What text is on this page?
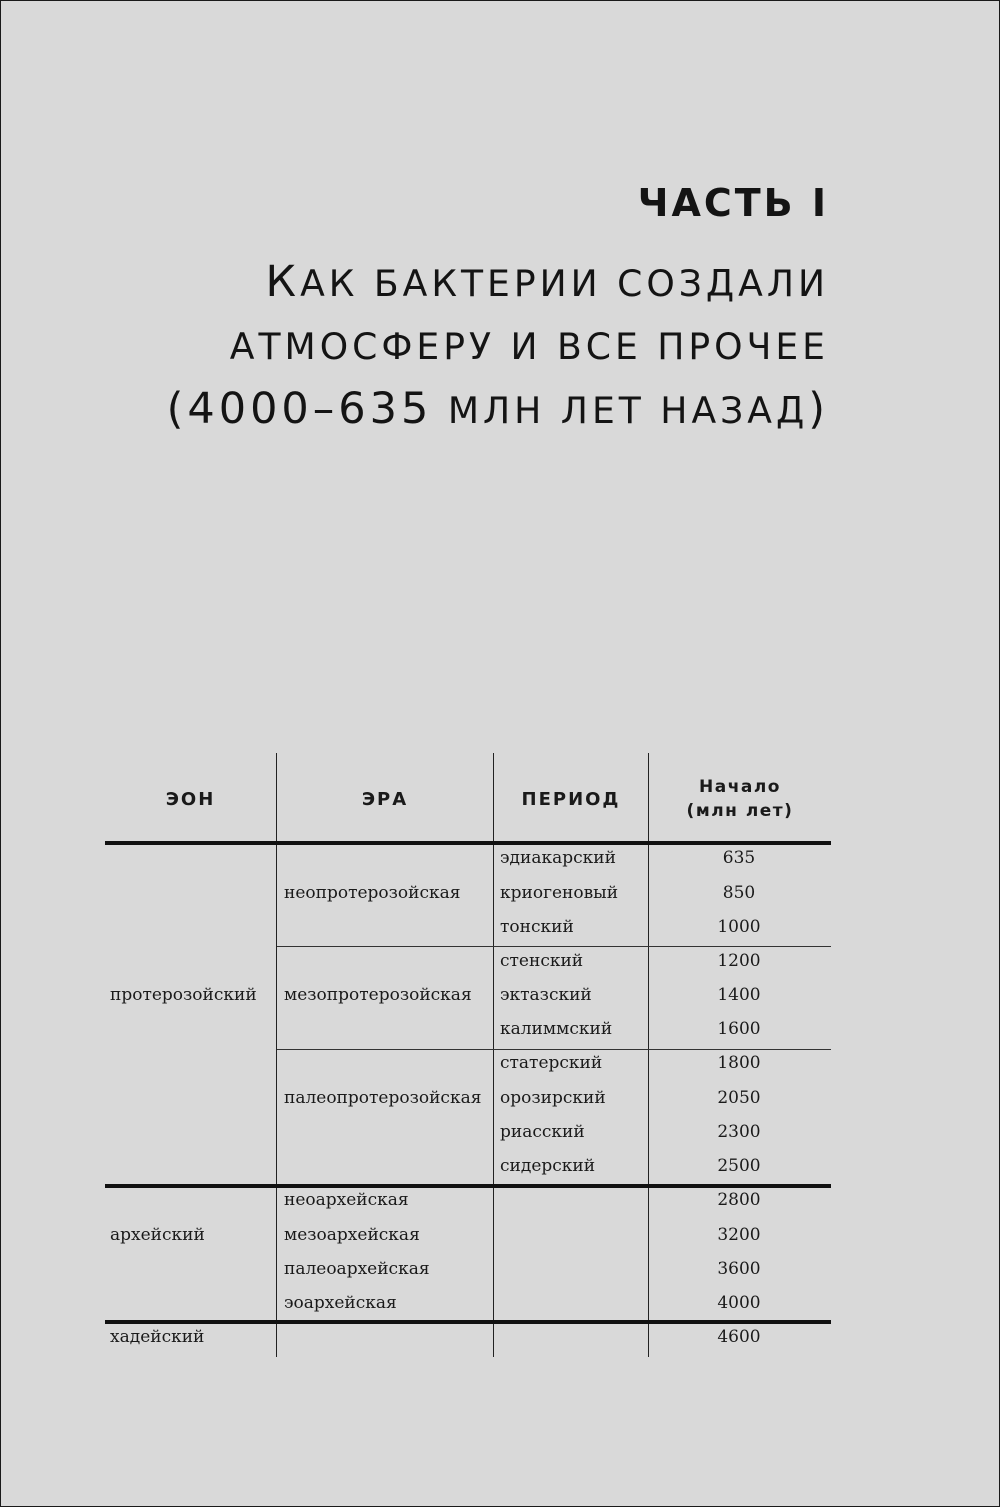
ЧАСТЬ I
КАК БАКТЕРИИ СОЗДАЛИ
АТМОСФЕРУ И ВСЕ ПРОЧЕЕ
(4000–635 МЛН ЛЕТ НАЗАД)
ЭОН	ЭРА	ПЕРИОД
Начало
(млн лет)
протерозойский
архейский
хадейский
неопротерозойская
мезопротерозойская
палеопротерозойская
неоархейская
мезоархейская
палеоархейская
эоархейская
эдиакарский
криогеновый
тонский
стенский
эктазский
калиммский
статерский
орозирский
риасский
сидерский
635
850
1000
1200
1400
1600
1800
2050
2300
2500
2800
3200
3600
4000
4600
